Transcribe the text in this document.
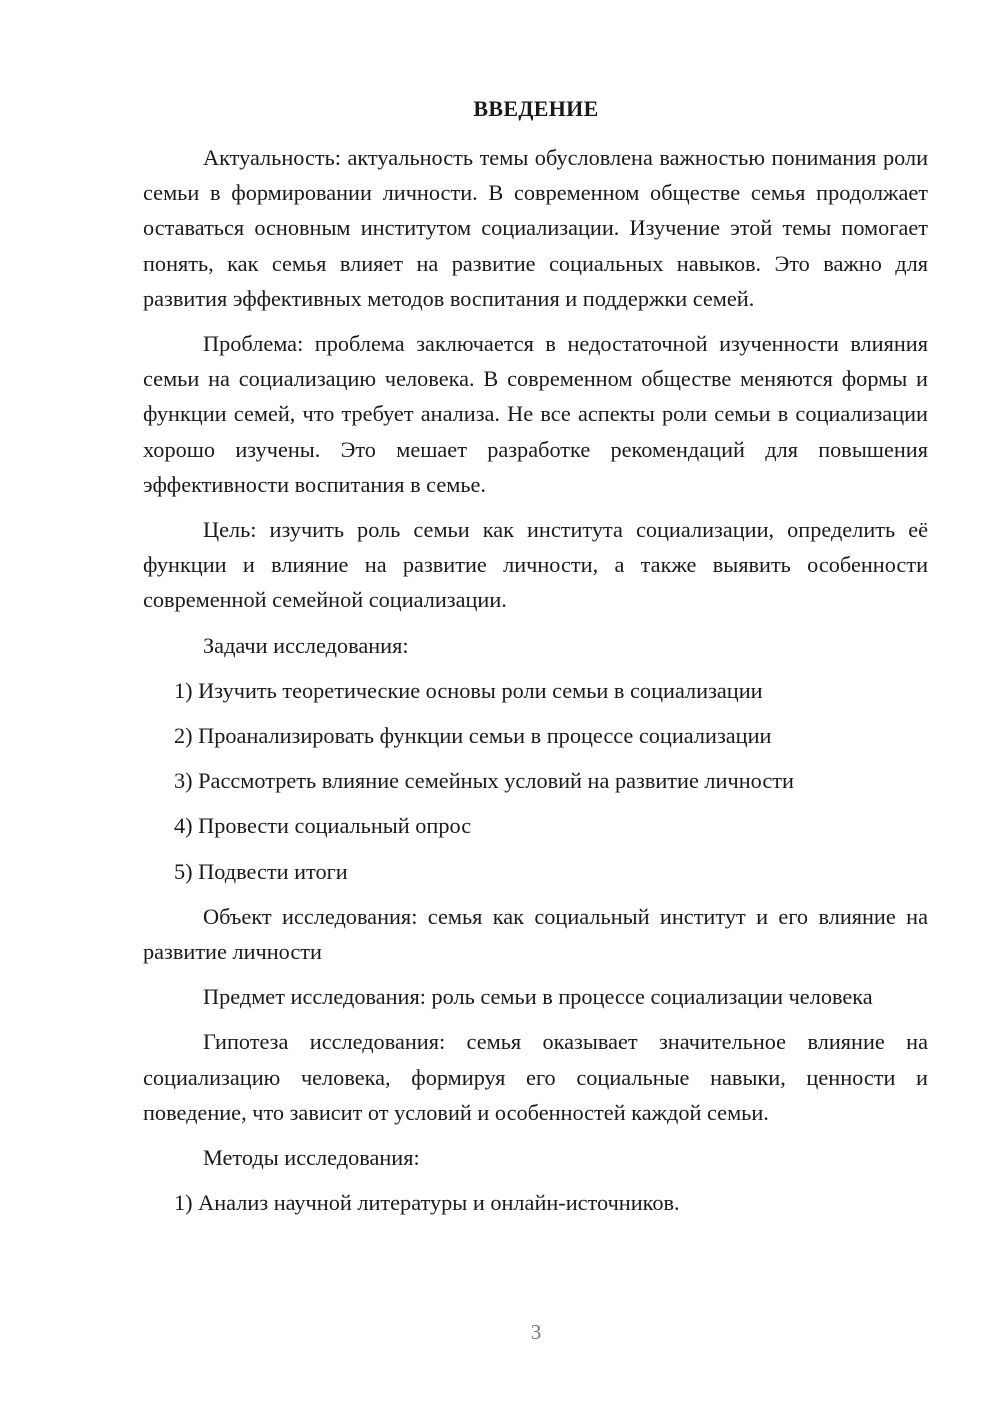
ВВЕДЕНИЕ

Актуальность: актуальность темы обусловлена важностью понимания роли семьи в формировании личности. В современном обществе семья продолжает оставаться основным институтом социализации. Изучение этой темы помогает понять, как семья влияет на развитие социальных навыков. Это важно для развития эффективных методов воспитания и поддержки семей.

Проблема: проблема заключается в недостаточной изученности влияния семьи на социализацию человека. В современном обществе меняются формы и функции семей, что требует анализа. Не все аспекты роли семьи в социализации хорошо изучены. Это мешает разработке рекомендаций для повышения эффективности воспитания в семье.

Цель: изучить роль семьи как института социализации, определить её функции и влияние на развитие личности, а также выявить особенности современной семейной социализации.

Задачи исследования:

1) Изучить теоретические основы роли семьи в социализации

2) Проанализировать функции семьи в процессе социализации

3) Рассмотреть влияние семейных условий на развитие личности

4) Провести социальный опрос

5) Подвести итоги

Объект исследования: семья как социальный институт и его влияние на развитие личности

Предмет исследования: роль семьи в процессе социализации человека

Гипотеза исследования: семья оказывает значительное влияние на социализацию человека, формируя его социальные навыки, ценности и поведение, что зависит от условий и особенностей каждой семьи.

Методы исследования:

1) Анализ научной литературы и онлайн-источников.

3
